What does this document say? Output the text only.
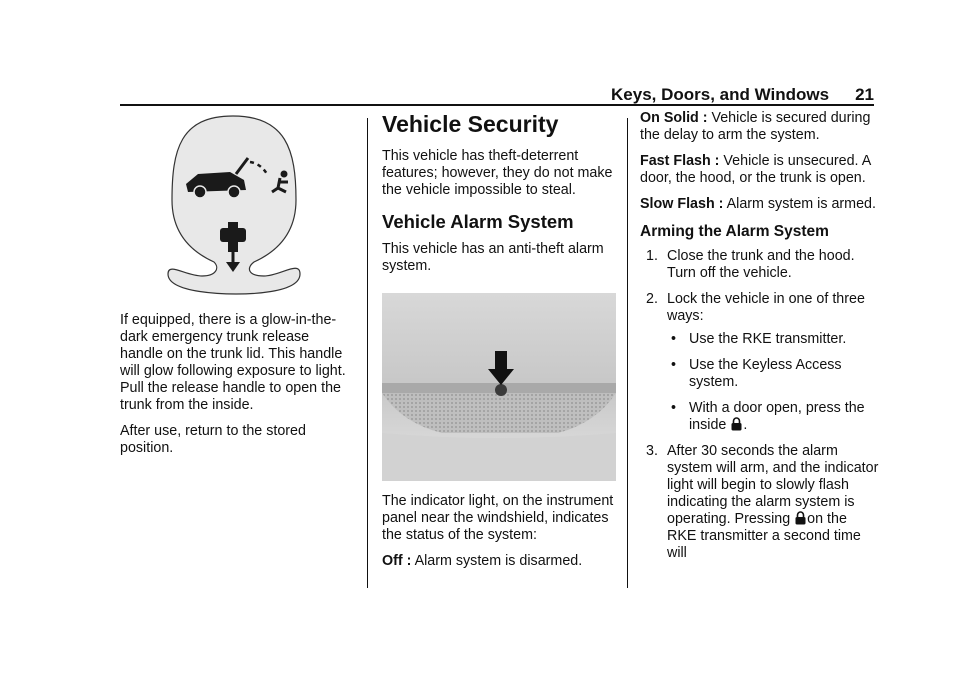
Keys, Doors, and Windows 21

If equipped, there is a glow-in-the-dark emergency trunk release handle on the trunk lid. This handle will glow following exposure to light. Pull the release handle to open the trunk from the inside.

After use, return to the stored position.

Vehicle Security

This vehicle has theft-deterrent features; however, they do not make the vehicle impossible to steal.

Vehicle Alarm System

This vehicle has an anti-theft alarm system.

The indicator light, on the instrument panel near the windshield, indicates the status of the system:

Off : Alarm system is disarmed.

On Solid : Vehicle is secured during the delay to arm the system.

Fast Flash : Vehicle is unsecured. A door, the hood, or the trunk is open.

Slow Flash : Alarm system is armed.

Arming the Alarm System
1. Close the trunk and the hood. Turn off the vehicle.
2. Lock the vehicle in one of three ways:
• Use the RKE transmitter.
• Use the Keyless Access system.
• With a door open, press the inside .
3. After 30 seconds the alarm system will arm, and the indicator light will begin to slowly flash indicating the alarm system is operating. Pressing on the RKE transmitter a second time will
